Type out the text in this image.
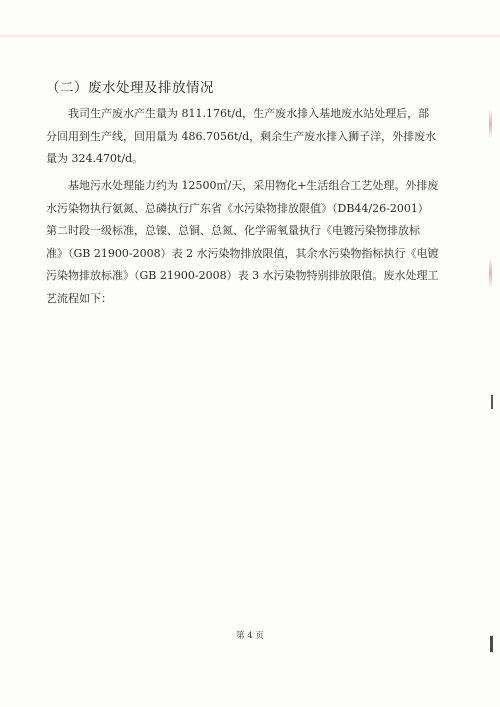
（二）废水处理及排放情况
我司生产废水产生量为 811.176t/d，生产废水排入基地废水站处理后，部
分回用到生产线，回用量为 486.7056t/d，剩余生产废水排入狮子洋，外排废水
量为 324.470t/d。
基地污水处理能力约为 12500㎥/天，采用物化+生活组合工艺处理。外排废
水污染物执行氨氮、总磷执行广东省《水污染物排放限值》（DB44/26-2001）
第二时段一级标准，总镍、总铜、总氮、化学需氧量执行《电镀污染物排放标
准》（GB 21900-2008）表 2 水污染物排放限值，其余水污染物指标执行《电镀
污染物排放标准》（GB 21900-2008）表 3 水污染物特别排放限值。废水处理工
艺流程如下：
第 4 页
